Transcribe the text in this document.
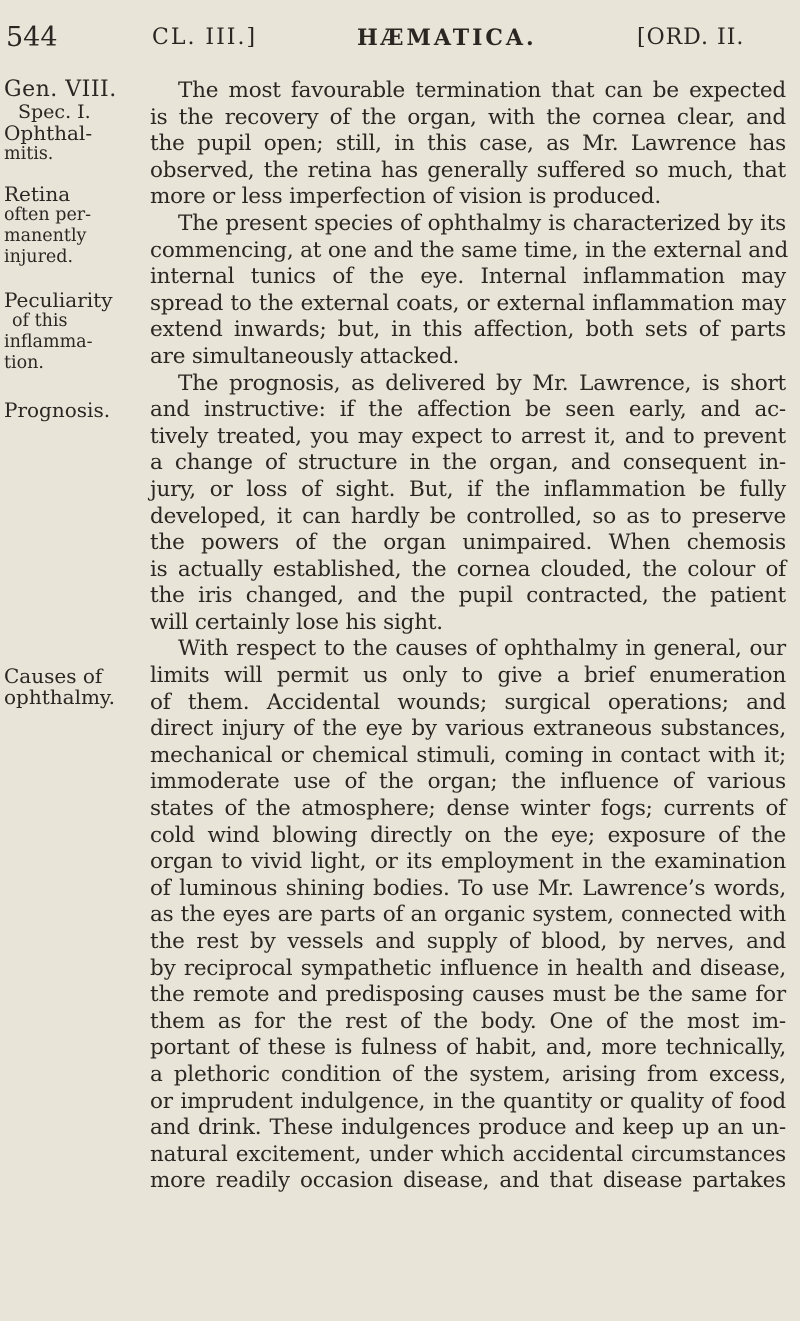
544	CL. III.]	HÆMATICA.	[ORD. II.
Gen. VIII.
Spec. I.
Ophthal-
mitis.
Retina
often per-
manently
injured.
Peculiarity
of this
inflamma-
tion.
Prognosis.
Causes of
ophthalmy.
The most favourable termination that can be expected
is the recovery of the organ, with the cornea clear, and
the pupil open; still, in this case, as Mr. Lawrence has
observed, the retina has generally suffered so much, that
more or less imperfection of vision is produced.
The present species of ophthalmy is characterized by its
commencing, at one and the same time, in the external and
internal tunics of the eye. Internal inflammation may
spread to the external coats, or external inflammation may
extend inwards; but, in this affection, both sets of parts
are simultaneously attacked.
The prognosis, as delivered by Mr. Lawrence, is short
and instructive: if the affection be seen early, and ac-
tively treated, you may expect to arrest it, and to prevent
a change of structure in the organ, and consequent in-
jury, or loss of sight. But, if the inflammation be fully
developed, it can hardly be controlled, so as to preserve
the powers of the organ unimpaired. When chemosis
is actually established, the cornea clouded, the colour of
the iris changed, and the pupil contracted, the patient
will certainly lose his sight.
With respect to the causes of ophthalmy in general, our
limits will permit us only to give a brief enumeration
of them. Accidental wounds; surgical operations; and
direct injury of the eye by various extraneous substances,
mechanical or chemical stimuli, coming in contact with it;
immoderate use of the organ; the influence of various
states of the atmosphere; dense winter fogs; currents of
cold wind blowing directly on the eye; exposure of the
organ to vivid light, or its employment in the examination
of luminous shining bodies. To use Mr. Lawrence’s words,
as the eyes are parts of an organic system, connected with
the rest by vessels and supply of blood, by nerves, and
by reciprocal sympathetic influence in health and disease,
the remote and predisposing causes must be the same for
them as for the rest of the body. One of the most im-
portant of these is fulness of habit, and, more technically,
a plethoric condition of the system, arising from excess,
or imprudent indulgence, in the quantity or quality of food
and drink. These indulgences produce and keep up an un-
natural excitement, under which accidental circumstances
more readily occasion disease, and that disease partakes
